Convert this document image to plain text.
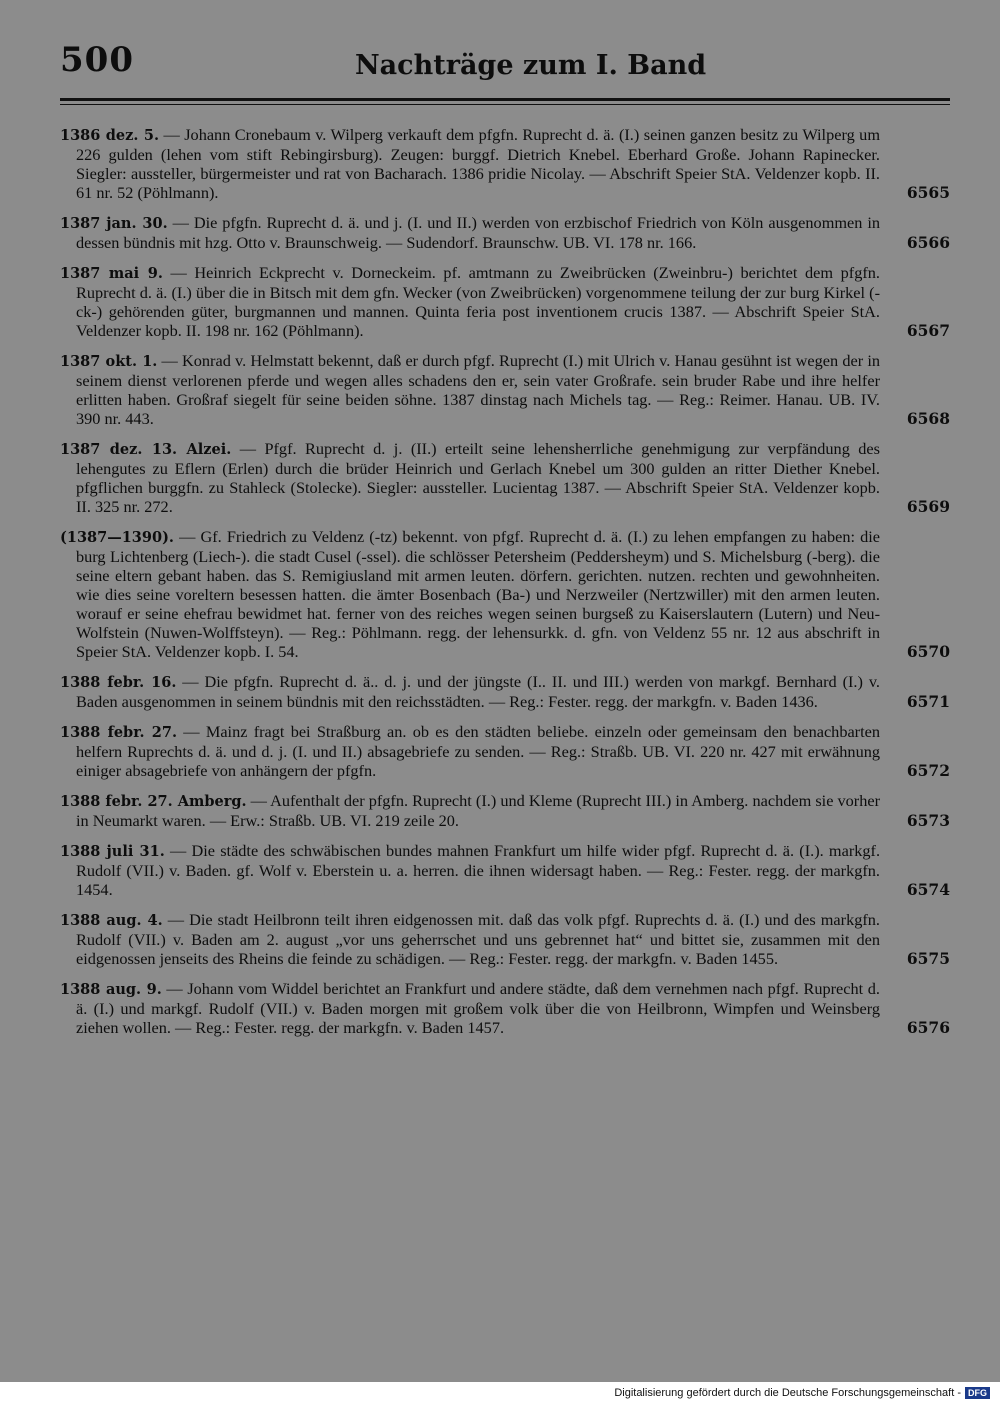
500	Nachträge zum I. Band
1386 dez. 5. — Johann Cronebaum v. Wilperg verkauft dem pfgfn. Ruprecht d. ä. (I.) seinen ganzen besitz zu Wilperg um 226 gulden (lehen vom stift Rebingirsburg). Zeugen: burggf. Dietrich Knebel. Eberhard Große. Johann Rapinecker. Siegler: aussteller, bürgermeister und rat von Bacharach. 1386 pridie Nicolay. — Abschrift Speier StA. Veldenzer kopb. II. 61 nr. 52 (Pöhlmann).	6565
1387 jan. 30. — Die pfgfn. Ruprecht d. ä. und j. (I. und II.) werden von erzbischof Friedrich von Köln ausgenommen in dessen bündnis mit hzg. Otto v. Braunschweig. — Sudendorf. Braunschw. UB. VI. 178 nr. 166.	6566
1387 mai 9. — Heinrich Eckprecht v. Dorneckeim. pf. amtmann zu Zweibrücken (Zweinbru-) berichtet dem pfgfn. Ruprecht d. ä. (I.) über die in Bitsch mit dem gfn. Wecker (von Zweibrücken) vorgenommene teilung der zur burg Kirkel (-ck-) gehörenden güter, burgmannen und mannen. Quinta feria post inventionem crucis 1387. — Abschrift Speier StA. Veldenzer kopb. II. 198 nr. 162 (Pöhlmann).	6567
1387 okt. 1. — Konrad v. Helmstatt bekennt, daß er durch pfgf. Ruprecht (I.) mit Ulrich v. Hanau gesühnt ist wegen der in seinem dienst verlorenen pferde und wegen alles schadens den er, sein vater Großrafe. sein bruder Rabe und ihre helfer erlitten haben. Großraf siegelt für seine beiden söhne. 1387 dinstag nach Michels tag. — Reg.: Reimer. Hanau. UB. IV. 390 nr. 443.	6568
1387 dez. 13. Alzei. — Pfgf. Ruprecht d. j. (II.) erteilt seine lehensherrliche genehmigung zur verpfändung des lehengutes zu Eflern (Erlen) durch die brüder Heinrich und Gerlach Knebel um 300 gulden an ritter Diether Knebel. pfgflichen burggfn. zu Stahleck (Stolecke). Siegler: aussteller. Lucientag 1387. — Abschrift Speier StA. Veldenzer kopb. II. 325 nr. 272.	6569
(1387—1390). — Gf. Friedrich zu Veldenz (-tz) bekennt. von pfgf. Ruprecht d. ä. (I.) zu lehen empfangen zu haben: die burg Lichtenberg (Liech-). die stadt Cusel (-ssel). die schlösser Petersheim (Peddersheym) und S. Michelsburg (-berg). die seine eltern gebant haben. das S. Remigiusland mit armen leuten. dörfern. gerichten. nutzen. rechten und gewohnheiten. wie dies seine voreltern besessen hatten. die ämter Bosenbach (Ba-) und Nerzweiler (Nertzwiller) mit den armen leuten. worauf er seine ehefrau bewidmet hat. ferner von des reiches wegen seinen burgseß zu Kaiserslautern (Lutern) und Neu-Wolfstein (Nuwen-Wolffsteyn). — Reg.: Pöhlmann. regg. der lehensurkk. d. gfn. von Veldenz 55 nr. 12 aus abschrift in Speier StA. Veldenzer kopb. I. 54.	6570
1388 febr. 16. — Die pfgfn. Ruprecht d. ä.. d. j. und der jüngste (I.. II. und III.) werden von markgf. Bernhard (I.) v. Baden ausgenommen in seinem bündnis mit den reichsstädten. — Reg.: Fester. regg. der markgfn. v. Baden 1436.	6571
1388 febr. 27. — Mainz fragt bei Straßburg an. ob es den städten beliebe. einzeln oder gemeinsam den benachbarten helfern Ruprechts d. ä. und d. j. (I. und II.) absagebriefe zu senden. — Reg.: Straßb. UB. VI. 220 nr. 427 mit erwähnung einiger absagebriefe von anhängern der pfgfn.	6572
1388 febr. 27. Amberg. — Aufenthalt der pfgfn. Ruprecht (I.) und Kleme (Ruprecht III.) in Amberg. nachdem sie vorher in Neumarkt waren. — Erw.: Straßb. UB. VI. 219 zeile 20.	6573
1388 juli 31. — Die städte des schwäbischen bundes mahnen Frankfurt um hilfe wider pfgf. Ruprecht d. ä. (I.). markgf. Rudolf (VII.) v. Baden. gf. Wolf v. Eberstein u. a. herren. die ihnen widersagt haben. — Reg.: Fester. regg. der markgfn. 1454.	6574
1388 aug. 4. — Die stadt Heilbronn teilt ihren eidgenossen mit. daß das volk pfgf. Ruprechts d. ä. (I.) und des markgfn. Rudolf (VII.) v. Baden am 2. august „vor uns geherrschet und uns gebrennet hat“ und bittet sie, zusammen mit den eidgenossen jenseits des Rheins die feinde zu schädigen. — Reg.: Fester. regg. der markgfn. v. Baden 1455.	6575
1388 aug. 9. — Johann vom Widdel berichtet an Frankfurt und andere städte, daß dem vernehmen nach pfgf. Ruprecht d. ä. (I.) und markgf. Rudolf (VII.) v. Baden morgen mit großem volk über die von Heilbronn, Wimpfen und Weinsberg ziehen wollen. — Reg.: Fester. regg. der markgfn. v. Baden 1457.	6576
Digitalisierung gefördert durch die Deutsche Forschungsgemeinschaft - DFG
